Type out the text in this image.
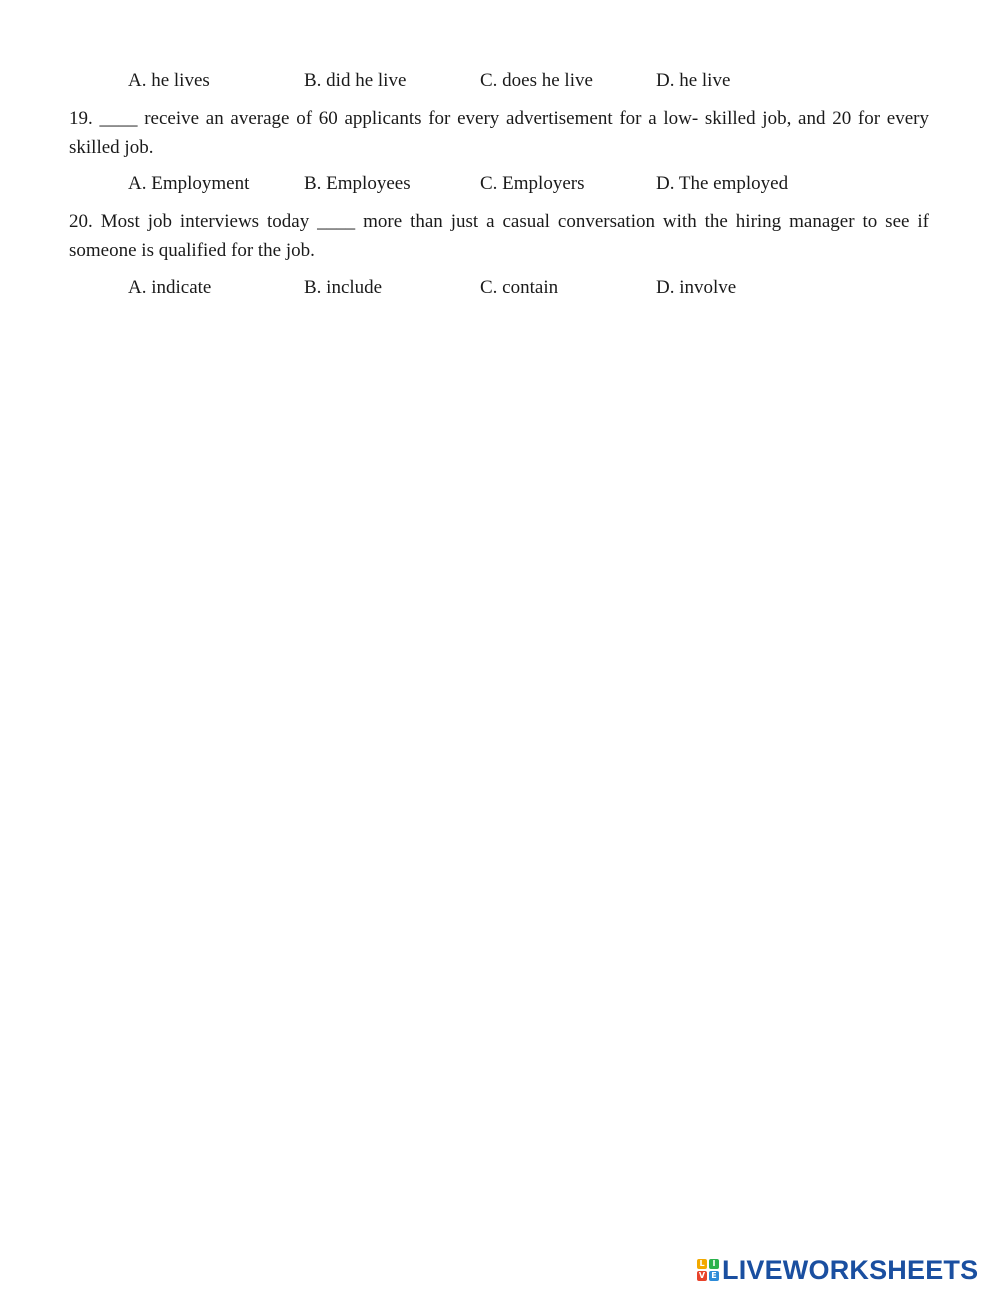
A. he lives	B. did he live	C. does he live	D. he live
19. ____ receive an average of 60 applicants for every advertisement for a low- skilled job, and 20 for every skilled job.
A. Employment	B. Employees	C. Employers	D. The employed
20. Most job interviews today ____ more than just a casual conversation with the hiring manager to see if someone is qualified for the job.
A. indicate	B. include	C. contain	D. involve
L I
V E LIVEWORKSHEETS
